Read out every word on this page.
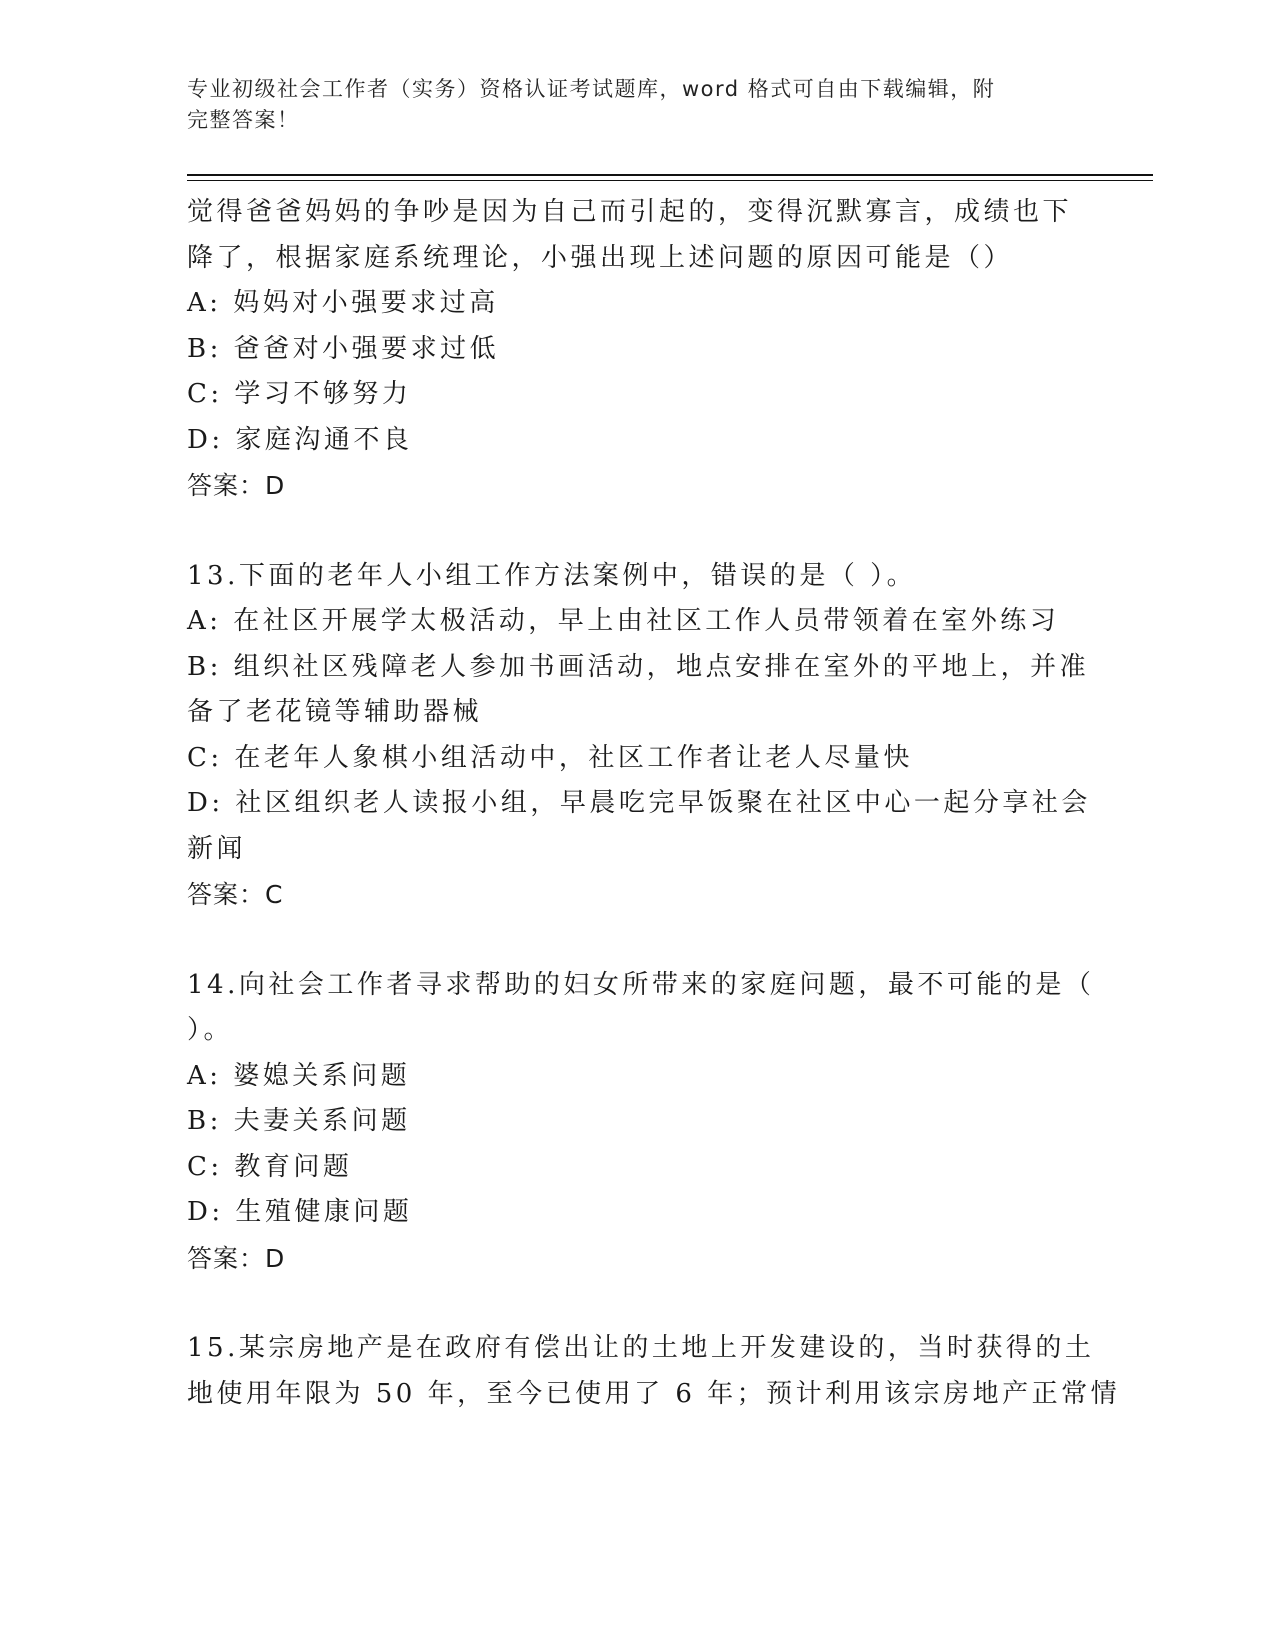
专业初级社会工作者（实务）资格认证考试题库，word 格式可自由下载编辑，附
完整答案！
觉得爸爸妈妈的争吵是因为自己而引起的，变得沉默寡言，成绩也下
降了，根据家庭系统理论，小强出现上述问题的原因可能是（）
A: 妈妈对小强要求过高
B: 爸爸对小强要求过低
C: 学习不够努力
D: 家庭沟通不良
答案：D
13.下面的老年人小组工作方法案例中，错误的是（ ）。
A: 在社区开展学太极活动，早上由社区工作人员带领着在室外练习
B: 组织社区残障老人参加书画活动，地点安排在室外的平地上，并准
备了老花镜等辅助器械
C: 在老年人象棋小组活动中，社区工作者让老人尽量快
D: 社区组织老人读报小组，早晨吃完早饭聚在社区中心一起分享社会
新闻
答案：C
14.向社会工作者寻求帮助的妇女所带来的家庭问题，最不可能的是（
）。
A: 婆媳关系问题
B: 夫妻关系问题
C: 教育问题
D: 生殖健康问题
答案：D
15.某宗房地产是在政府有偿出让的土地上开发建设的，当时获得的土
地使用年限为 50 年，至今已使用了 6 年；预计利用该宗房地产正常情
